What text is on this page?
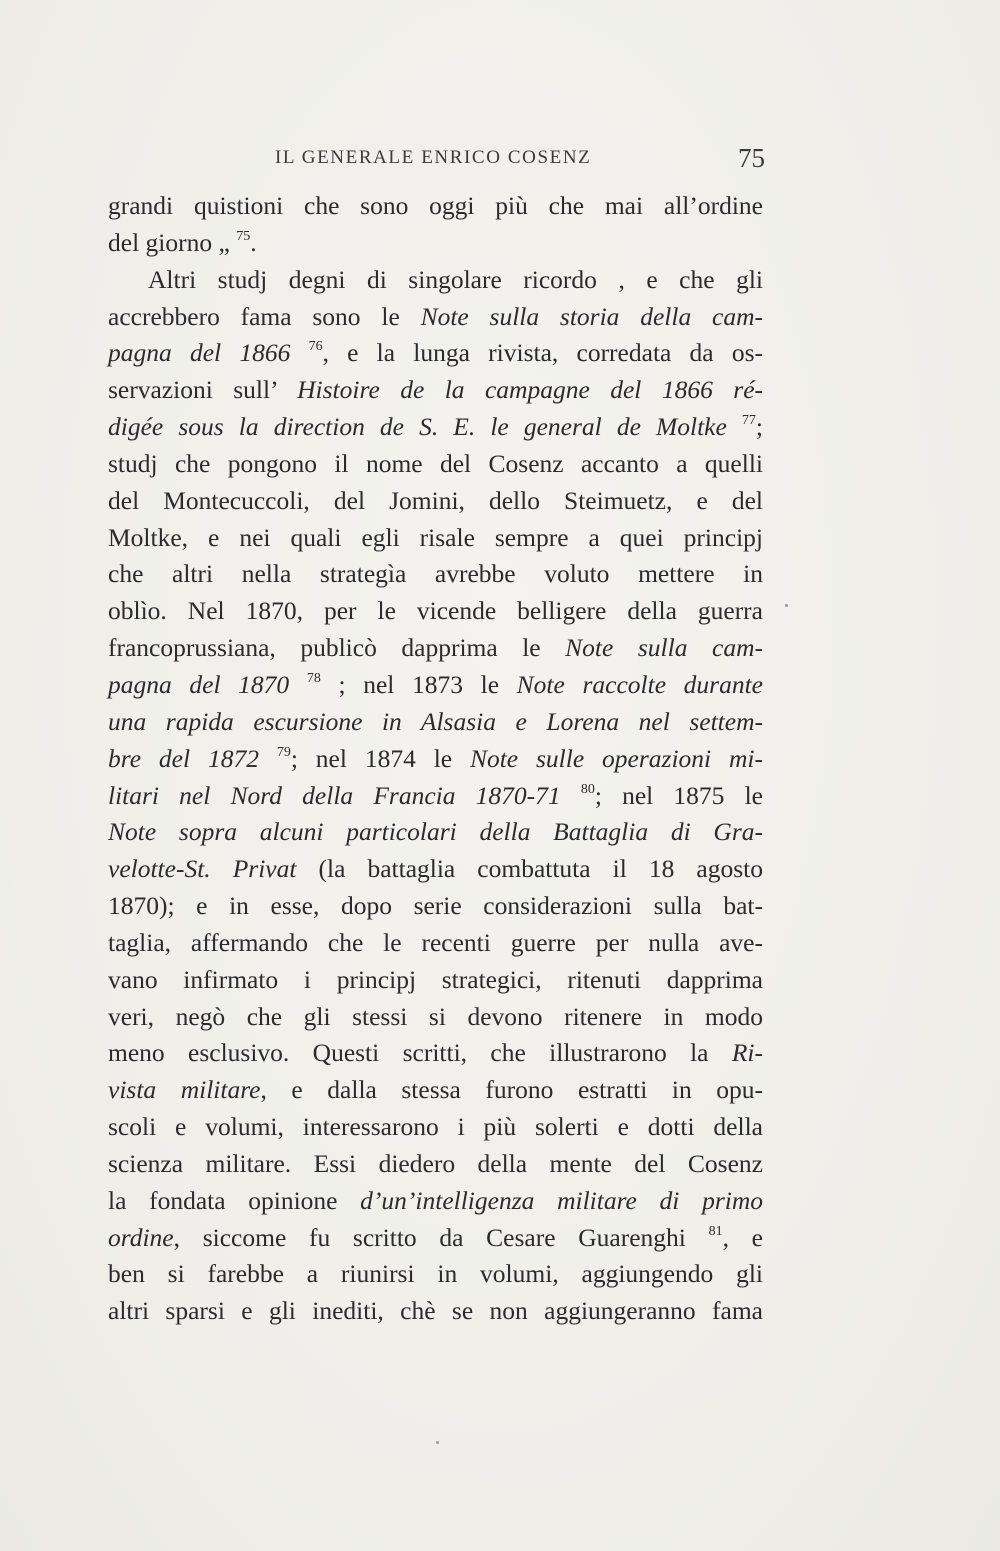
IL GENERALE ENRICO COSENZ	75
grandi quistioni che sono oggi più che mai all’ordine
del giorno „ $^{75}$.
Altri studj degni di singolare ricordo , e che gli
accrebbero fama sono le Note sulla storia della cam-
pagna del 1866 $^{76}$, e la lunga rivista, corredata da os-
servazioni sull’ Histoire de la campagne del 1866 ré-
digée sous la direction de S. E. le general de Moltke $^{77}$;
studj che pongono il nome del Cosenz accanto a quelli
del Montecuccoli, del Jomini, dello Steimuetz, e del
Moltke, e nei quali egli risale sempre a quei principj
che altri nella strategìa avrebbe voluto mettere in
oblìo. Nel 1870, per le vicende belligere della guerra
francoprussiana, publicò dapprima le Note sulla cam-
pagna del 1870 $^{78}$ ; nel 1873 le Note raccolte durante
una rapida escursione in Alsasia e Lorena nel settem-
bre del 1872 $^{79}$; nel 1874 le Note sulle operazioni mi-
litari nel Nord della Francia 1870-71 $^{80}$; nel 1875 le
Note sopra alcuni particolari della Battaglia di Gra-
velotte-St. Privat (la battaglia combattuta il 18 agosto
1870); e in esse, dopo serie considerazioni sulla bat-
taglia, affermando che le recenti guerre per nulla ave-
vano infirmato i principj strategici, ritenuti dapprima
veri, negò che gli stessi si devono ritenere in modo
meno esclusivo. Questi scritti, che illustrarono la Ri-
vista militare, e dalla stessa furono estratti in opu-
scoli e volumi, interessarono i più solerti e dotti della
scienza militare. Essi diedero della mente del Cosenz
la fondata opinione d’un’intelligenza militare di primo
ordine, siccome fu scritto da Cesare Guarenghi $^{81}$, e
ben si farebbe a riunirsi in volumi, aggiungendo gli
altri sparsi e gli inediti, chè se non aggiungeranno fama
